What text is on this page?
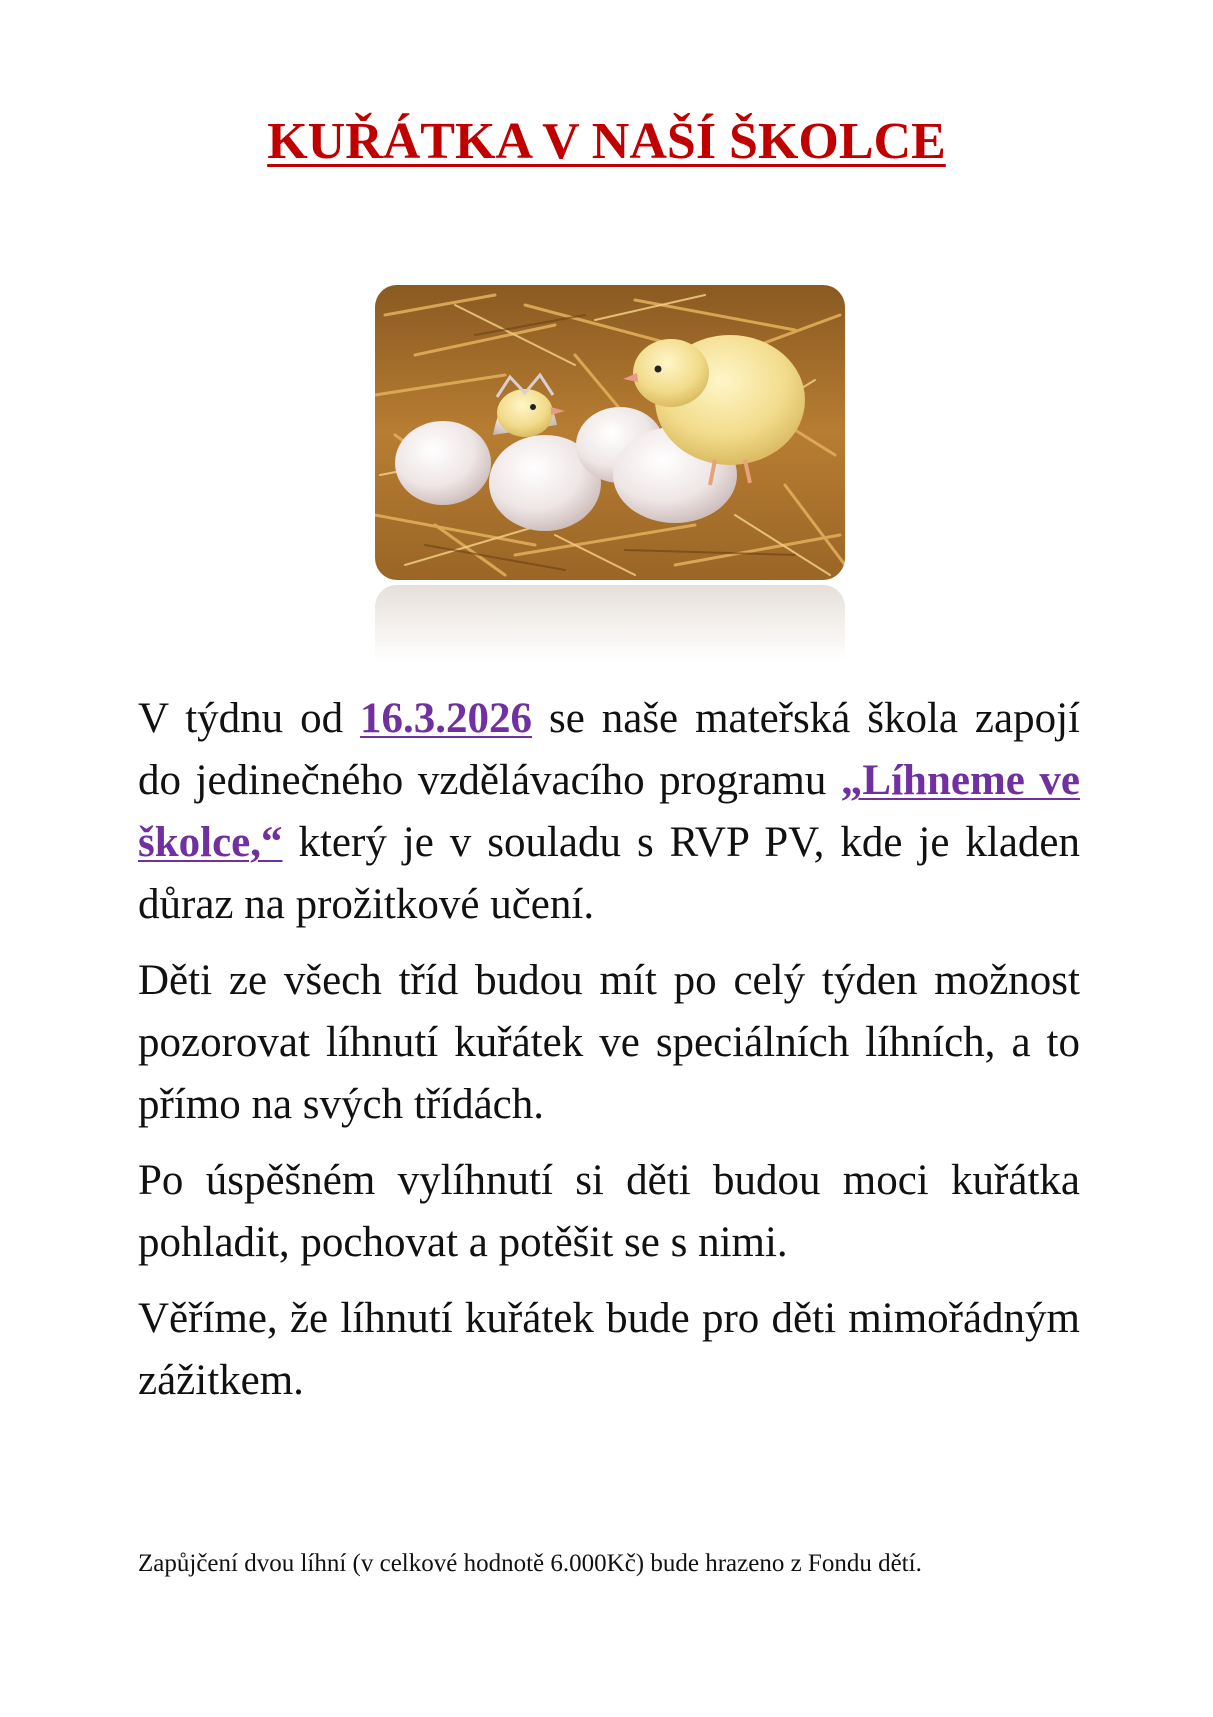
KUŘÁTKA V NAŠÍ ŠKOLCE

V týdnu od 16.3.2026 se naše mateřská škola zapojí do jedinečného vzdělávacího programu „Líhneme ve školce,“ který je v souladu s RVP PV, kde je kladen důraz na prožitkové učení.

Děti ze všech tříd budou mít po celý týden možnost pozorovat líhnutí kuřátek ve speciálních líhních, a to přímo na svých třídách.

Po úspěšném vylíhnutí si děti budou moci kuřátka pohladit, pochovat a potěšit se s nimi.

Věříme, že líhnutí kuřátek bude pro děti mimořádným zážitkem.

Zapůjčení dvou líhní (v celkové hodnotě 6.000Kč) bude hrazeno z Fondu dětí.
